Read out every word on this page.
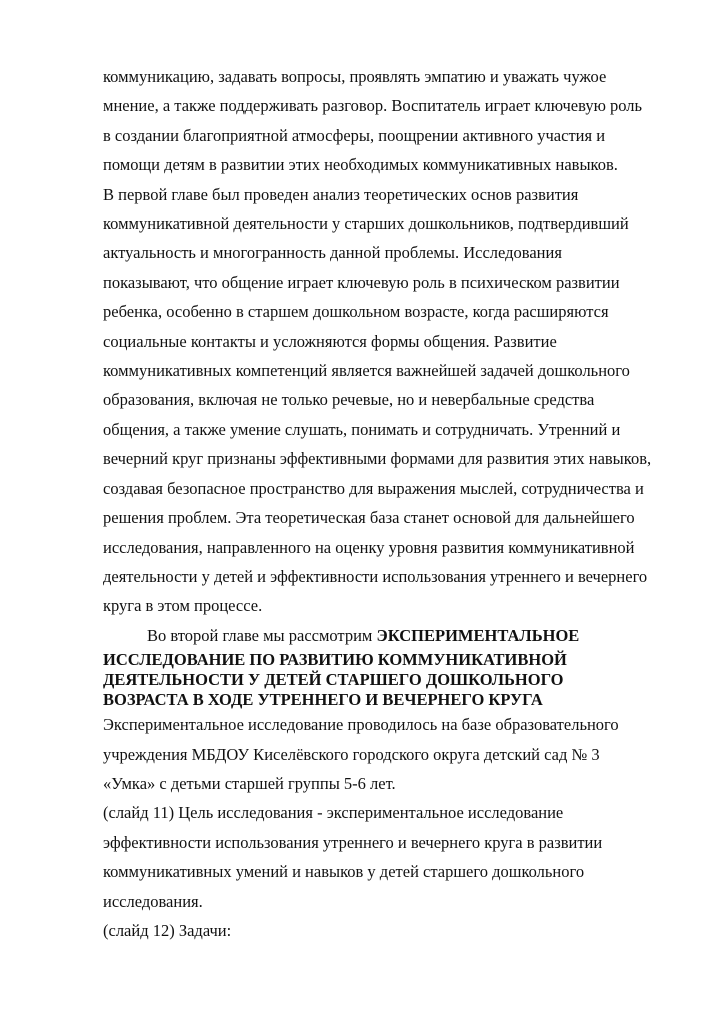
коммуникацию, задавать вопросы, проявлять эмпатию и уважать чужое
мнение, а также поддерживать разговор. Воспитатель играет ключевую роль
в создании благоприятной атмосферы, поощрении активного участия и
помощи детям в развитии этих необходимых коммуникативных навыков.

В первой главе был проведен анализ теоретических основ развития
коммуникативной деятельности у старших дошкольников, подтвердивший
актуальность и многогранность данной проблемы. Исследования
показывают, что общение играет ключевую роль в психическом развитии
ребенка, особенно в старшем дошкольном возрасте, когда расширяются
социальные контакты и усложняются формы общения. Развитие
коммуникативных компетенций является важнейшей задачей дошкольного
образования, включая не только речевые, но и невербальные средства
общения, а также умение слушать, понимать и сотрудничать. Утренний и
вечерний круг признаны эффективными формами для развития этих навыков,
создавая безопасное пространство для выражения мыслей, сотрудничества и
решения проблем. Эта теоретическая база станет основой для дальнейшего
исследования, направленного на оценку уровня развития коммуникативной
деятельности у детей и эффективности использования утреннего и вечернего
круга в этом процессе.

Во второй главе мы рассмотрим ЭКСПЕРИМЕНТАЛЬНОЕ

ИССЛЕДОВАНИЕ ПО РАЗВИТИЮ КОММУНИКАТИВНОЙ
ДЕЯТЕЛЬНОСТИ У ДЕТЕЙ СТАРШЕГО ДОШКОЛЬНОГО
ВОЗРАСТА В ХОДЕ УТРЕННЕГО И ВЕЧЕРНЕГО КРУГА

Экспериментальное исследование проводилось на базе образовательного
учреждения МБДОУ Киселёвского городского округа детский сад № 3
«Умка» с детьми старшей группы 5-6 лет.

(слайд 11) Цель исследования - экспериментальное исследование
эффективности использования утреннего и вечернего круга в развитии
коммуникативных умений и навыков у детей старшего дошкольного
исследования.

(слайд 12) Задачи:
